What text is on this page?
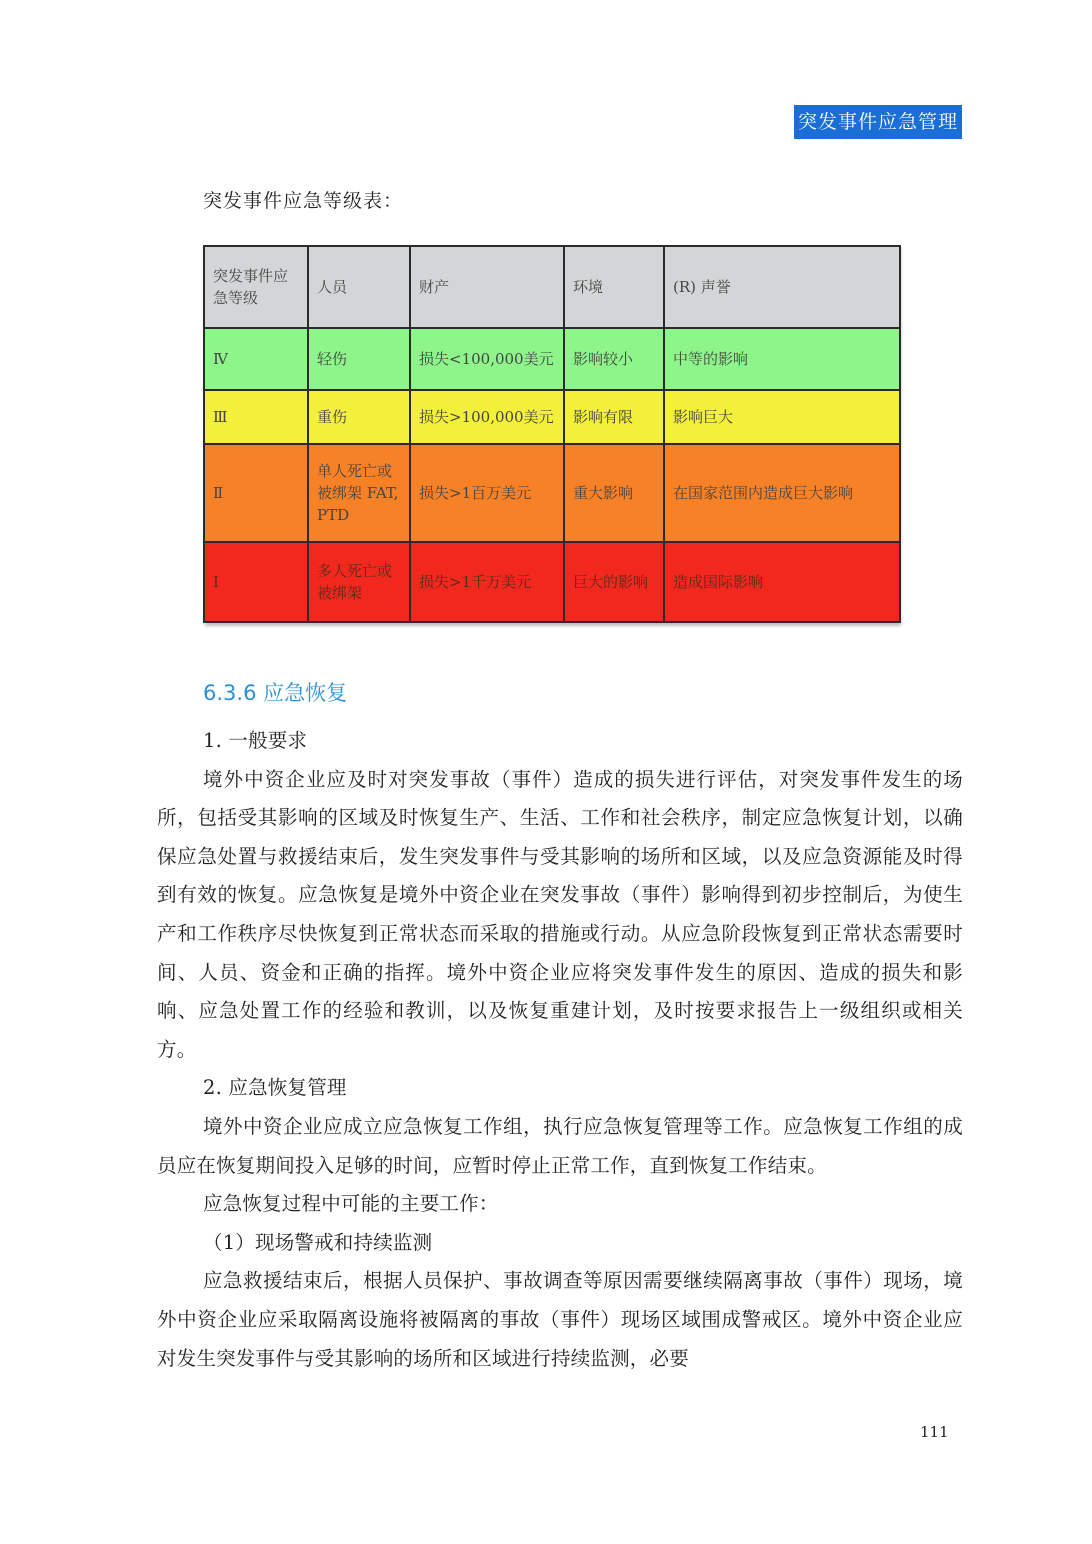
突发事件应急管理
突发事件应急等级表：
突发事件应急等级	人员	财产	环境	(R) 声誉
Ⅳ	轻伤	损失<100,000美元	影响较小	中等的影响
Ⅲ	重伤	损失>100,000美元	影响有限	影响巨大
Ⅱ	单人死亡或被绑架 FAT, PTD	损失>1百万美元	重大影响	在国家范围内造成巨大影响
Ⅰ	多人死亡或被绑架	损失>1千万美元	巨大的影响	造成国际影响
6.3.6 应急恢复

1. 一般要求

境外中资企业应及时对突发事故（事件）造成的损失进行评估，对突发事件发生的场所，包括受其影响的区域及时恢复生产、生活、工作和社会秩序，制定应急恢复计划，以确保应急处置与救援结束后，发生突发事件与受其影响的场所和区域，以及应急资源能及时得到有效的恢复。应急恢复是境外中资企业在突发事故（事件）影响得到初步控制后，为使生产和工作秩序尽快恢复到正常状态而采取的措施或行动。从应急阶段恢复到正常状态需要时间、人员、资金和正确的指挥。境外中资企业应将突发事件发生的原因、造成的损失和影响、应急处置工作的经验和教训，以及恢复重建计划，及时按要求报告上一级组织或相关方。

2. 应急恢复管理

境外中资企业应成立应急恢复工作组，执行应急恢复管理等工作。应急恢复工作组的成员应在恢复期间投入足够的时间，应暂时停止正常工作，直到恢复工作结束。

应急恢复过程中可能的主要工作：

（1）现场警戒和持续监测

应急救援结束后，根据人员保护、事故调查等原因需要继续隔离事故（事件）现场，境外中资企业应采取隔离设施将被隔离的事故（事件）现场区域围成警戒区。境外中资企业应对发生突发事件与受其影响的场所和区域进行持续监测，必要

111
